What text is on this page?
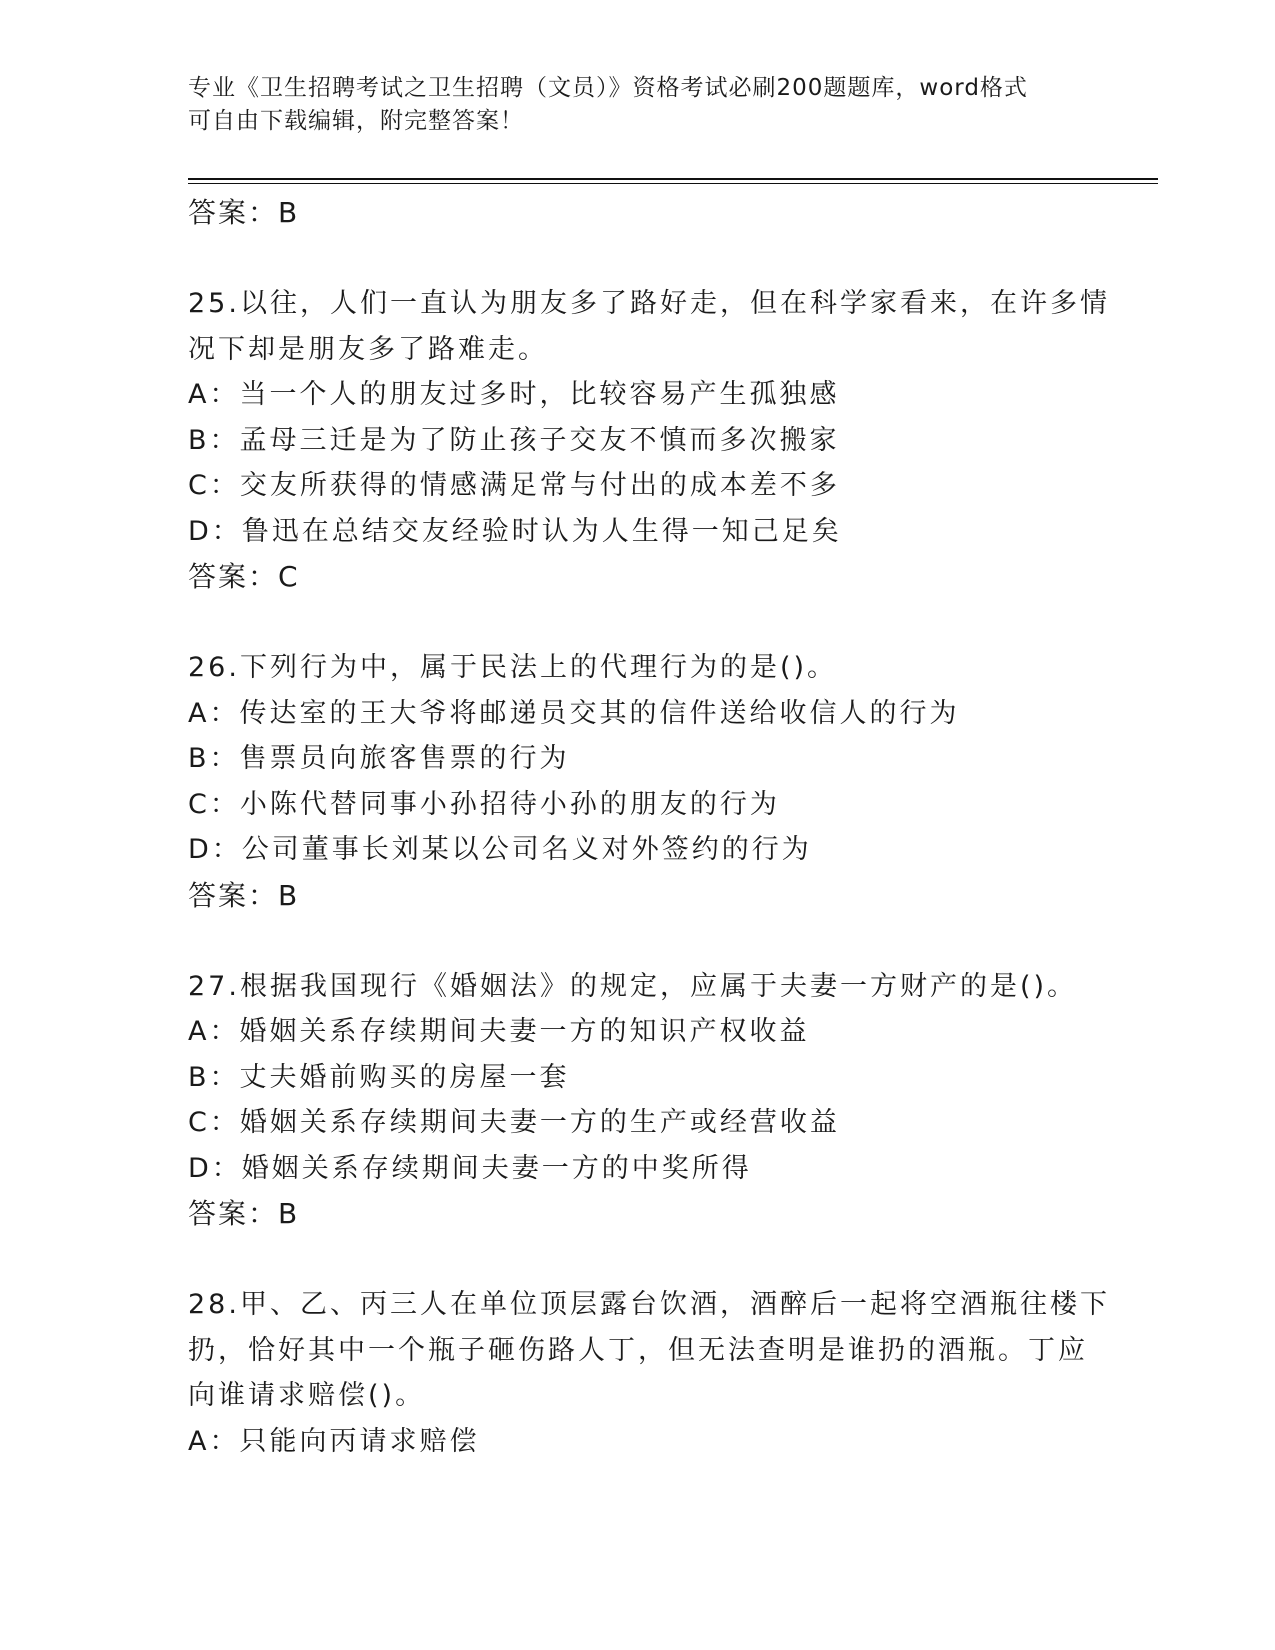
专业《卫生招聘考试之卫生招聘（文员）》资格考试必刷200题题库，word格式
可自由下载编辑，附完整答案！
答案：B
25.以往，人们一直认为朋友多了路好走，但在科学家看来，在许多情
况下却是朋友多了路难走。
A：当一个人的朋友过多时，比较容易产生孤独感
B：孟母三迁是为了防止孩子交友不慎而多次搬家
C：交友所获得的情感满足常与付出的成本差不多
D：鲁迅在总结交友经验时认为人生得一知己足矣
答案：C
26.下列行为中，属于民法上的代理行为的是()。
A：传达室的王大爷将邮递员交其的信件送给收信人的行为
B：售票员向旅客售票的行为
C：小陈代替同事小孙招待小孙的朋友的行为
D：公司董事长刘某以公司名义对外签约的行为
答案：B
27.根据我国现行《婚姻法》的规定，应属于夫妻一方财产的是()。
A：婚姻关系存续期间夫妻一方的知识产权收益
B：丈夫婚前购买的房屋一套
C：婚姻关系存续期间夫妻一方的生产或经营收益
D：婚姻关系存续期间夫妻一方的中奖所得
答案：B
28.甲、乙、丙三人在单位顶层露台饮酒，酒醉后一起将空酒瓶往楼下
扔，恰好其中一个瓶子砸伤路人丁，但无法查明是谁扔的酒瓶。丁应
向谁请求赔偿()。
A：只能向丙请求赔偿
